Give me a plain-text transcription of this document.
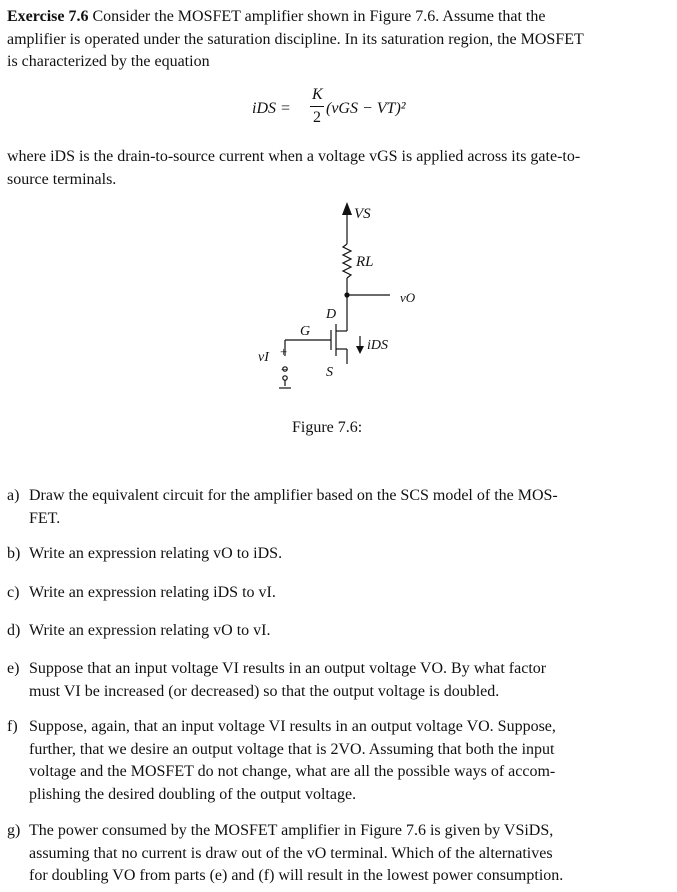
Exercise 7.6 Consider the MOSFET amplifier shown in Figure 7.6. Assume that the
amplifier is operated under the saturation discipline. In its saturation region, the MOSFET
is characterized by the equation
iDS =
K
2
(vGS − VT)²
where iDS is the drain-to-source current when a voltage vGS is applied across its gate-to-
source terminals.
VS
RL
vO
D
G
iDS
vI +
−	S
Figure 7.6:
a) Draw the equivalent circuit for the amplifier based on the SCS model of the MOS-
FET.
b) Write an expression relating vO to iDS.
c) Write an expression relating iDS to vI.
d) Write an expression relating vO to vI.
e) Suppose that an input voltage VI results in an output voltage VO. By what factor
must VI be increased (or decreased) so that the output voltage is doubled.
f) Suppose, again, that an input voltage VI results in an output voltage VO. Suppose,
further, that we desire an output voltage that is 2VO. Assuming that both the input
voltage and the MOSFET do not change, what are all the possible ways of accom-
plishing the desired doubling of the output voltage.
g) The power consumed by the MOSFET amplifier in Figure 7.6 is given by VSiDS,
assuming that no current is draw out of the vO terminal. Which of the alternatives
for doubling VO from parts (e) and (f) will result in the lowest power consumption.
